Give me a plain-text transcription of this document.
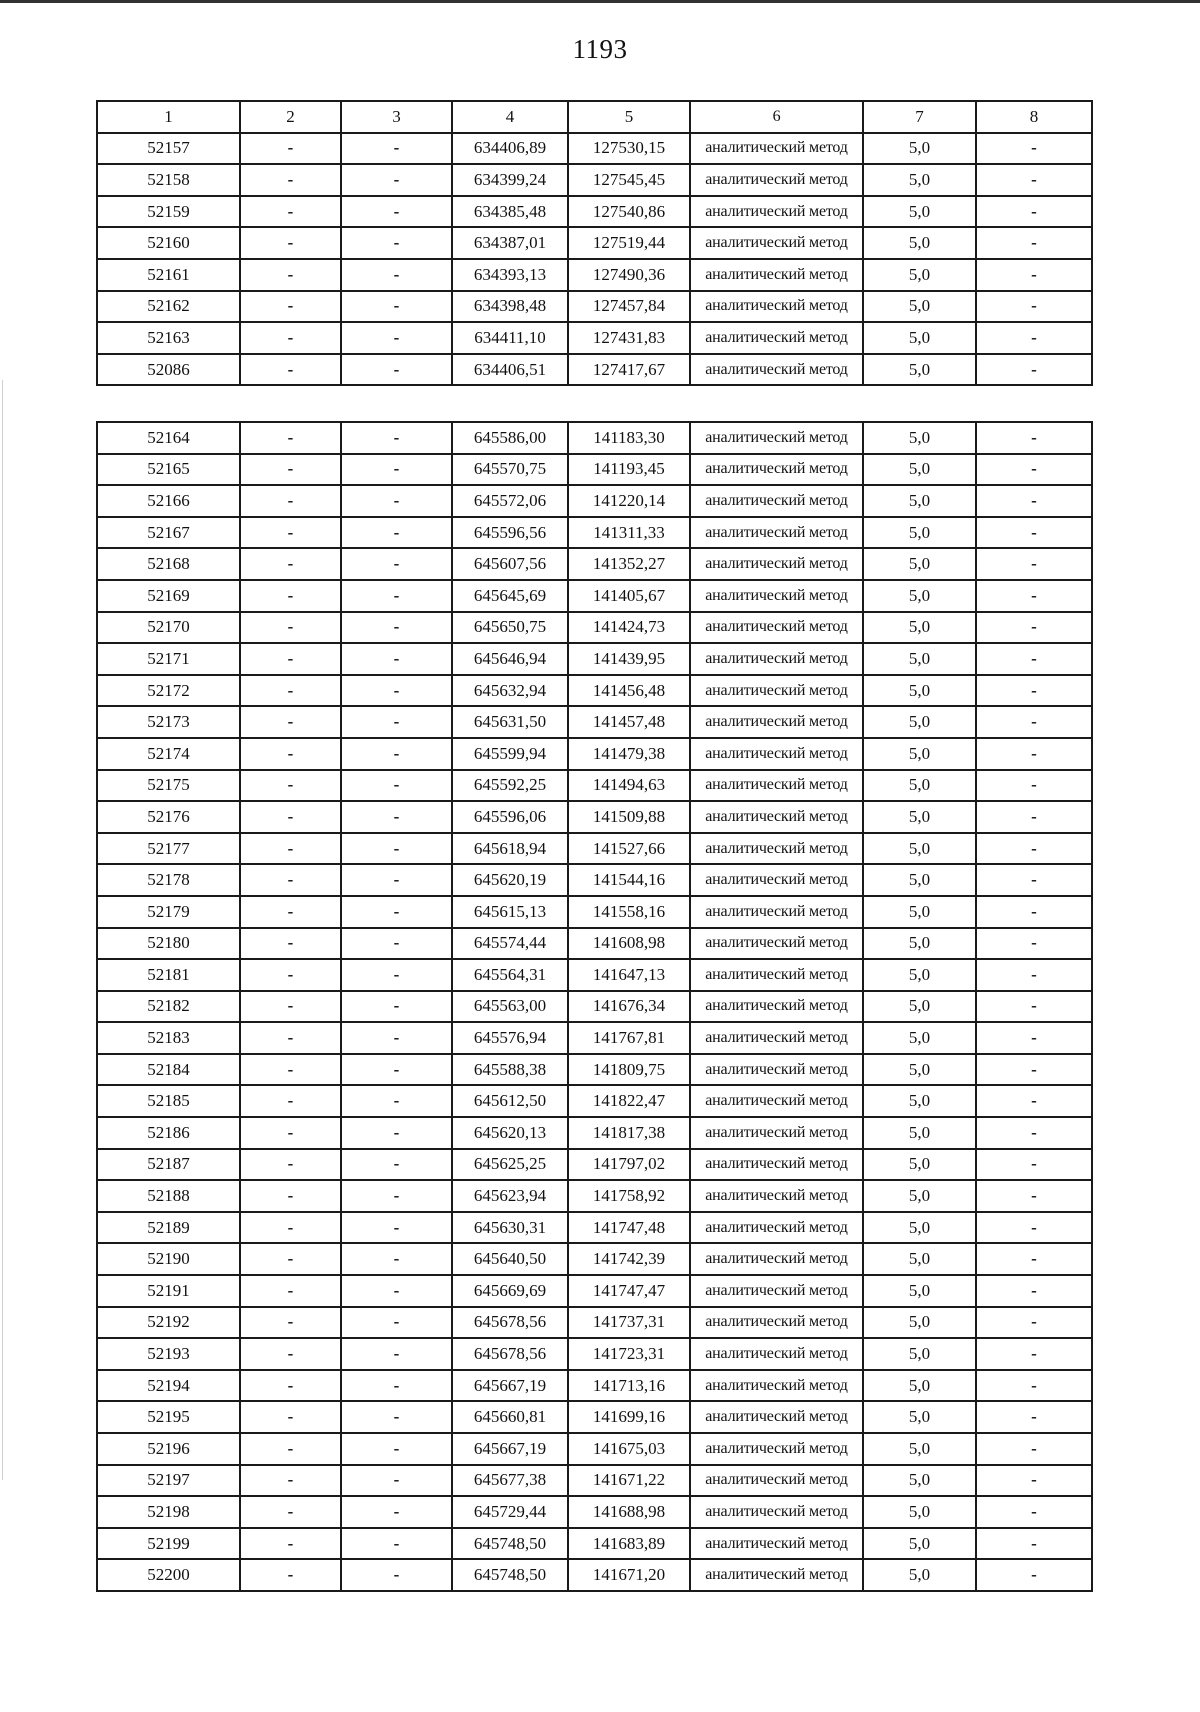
1193
1	2	3	4	5	6	7	8
52157	-	-	634406,89	127530,15	аналитический метод	5,0	-
52158	-	-	634399,24	127545,45	аналитический метод	5,0	-
52159	-	-	634385,48	127540,86	аналитический метод	5,0	-
52160	-	-	634387,01	127519,44	аналитический метод	5,0	-
52161	-	-	634393,13	127490,36	аналитический метод	5,0	-
52162	-	-	634398,48	127457,84	аналитический метод	5,0	-
52163	-	-	634411,10	127431,83	аналитический метод	5,0	-
52086	-	-	634406,51	127417,67	аналитический метод	5,0	-
52164	-	-	645586,00	141183,30	аналитический метод	5,0	-
52165	-	-	645570,75	141193,45	аналитический метод	5,0	-
52166	-	-	645572,06	141220,14	аналитический метод	5,0	-
52167	-	-	645596,56	141311,33	аналитический метод	5,0	-
52168	-	-	645607,56	141352,27	аналитический метод	5,0	-
52169	-	-	645645,69	141405,67	аналитический метод	5,0	-
52170	-	-	645650,75	141424,73	аналитический метод	5,0	-
52171	-	-	645646,94	141439,95	аналитический метод	5,0	-
52172	-	-	645632,94	141456,48	аналитический метод	5,0	-
52173	-	-	645631,50	141457,48	аналитический метод	5,0	-
52174	-	-	645599,94	141479,38	аналитический метод	5,0	-
52175	-	-	645592,25	141494,63	аналитический метод	5,0	-
52176	-	-	645596,06	141509,88	аналитический метод	5,0	-
52177	-	-	645618,94	141527,66	аналитический метод	5,0	-
52178	-	-	645620,19	141544,16	аналитический метод	5,0	-
52179	-	-	645615,13	141558,16	аналитический метод	5,0	-
52180	-	-	645574,44	141608,98	аналитический метод	5,0	-
52181	-	-	645564,31	141647,13	аналитический метод	5,0	-
52182	-	-	645563,00	141676,34	аналитический метод	5,0	-
52183	-	-	645576,94	141767,81	аналитический метод	5,0	-
52184	-	-	645588,38	141809,75	аналитический метод	5,0	-
52185	-	-	645612,50	141822,47	аналитический метод	5,0	-
52186	-	-	645620,13	141817,38	аналитический метод	5,0	-
52187	-	-	645625,25	141797,02	аналитический метод	5,0	-
52188	-	-	645623,94	141758,92	аналитический метод	5,0	-
52189	-	-	645630,31	141747,48	аналитический метод	5,0	-
52190	-	-	645640,50	141742,39	аналитический метод	5,0	-
52191	-	-	645669,69	141747,47	аналитический метод	5,0	-
52192	-	-	645678,56	141737,31	аналитический метод	5,0	-
52193	-	-	645678,56	141723,31	аналитический метод	5,0	-
52194	-	-	645667,19	141713,16	аналитический метод	5,0	-
52195	-	-	645660,81	141699,16	аналитический метод	5,0	-
52196	-	-	645667,19	141675,03	аналитический метод	5,0	-
52197	-	-	645677,38	141671,22	аналитический метод	5,0	-
52198	-	-	645729,44	141688,98	аналитический метод	5,0	-
52199	-	-	645748,50	141683,89	аналитический метод	5,0	-
52200	-	-	645748,50	141671,20	аналитический метод	5,0	-
